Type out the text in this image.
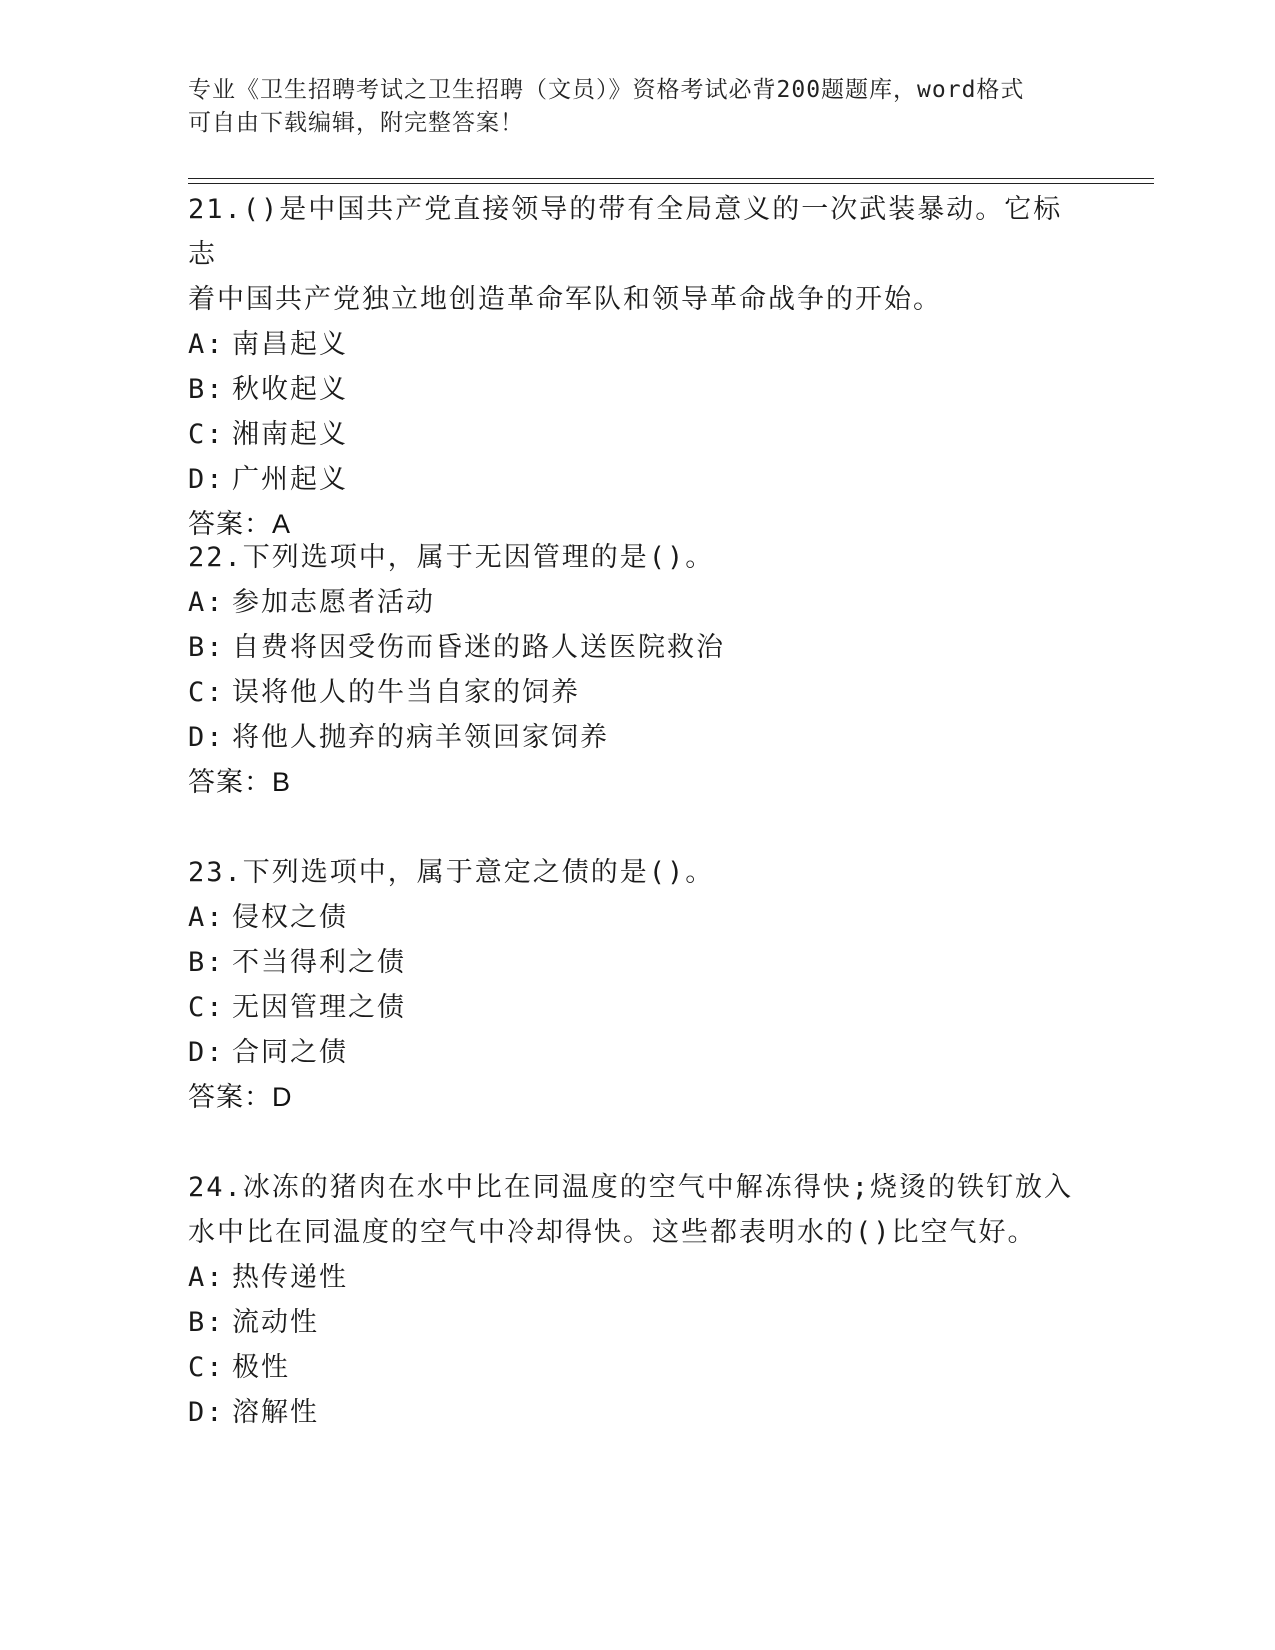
专业《卫生招聘考试之卫生招聘（文员）》资格考试必背200题题库，word格式
可自由下载编辑，附完整答案！
21.()是中国共产党直接领导的带有全局意义的一次武装暴动。它标志
着中国共产党独立地创造革命军队和领导革命战争的开始。
A: 南昌起义
B: 秋收起义
C: 湘南起义
D: 广州起义
答案：A
22.下列选项中，属于无因管理的是()。
A: 参加志愿者活动
B: 自费将因受伤而昏迷的路人送医院救治
C: 误将他人的牛当自家的饲养
D: 将他人抛弃的病羊领回家饲养
答案：B
23.下列选项中，属于意定之债的是()。
A: 侵权之债
B: 不当得利之债
C: 无因管理之债
D: 合同之债
答案：D
24.冰冻的猪肉在水中比在同温度的空气中解冻得快;烧烫的铁钉放入
水中比在同温度的空气中冷却得快。这些都表明水的()比空气好。
A: 热传递性
B: 流动性
C: 极性
D: 溶解性
